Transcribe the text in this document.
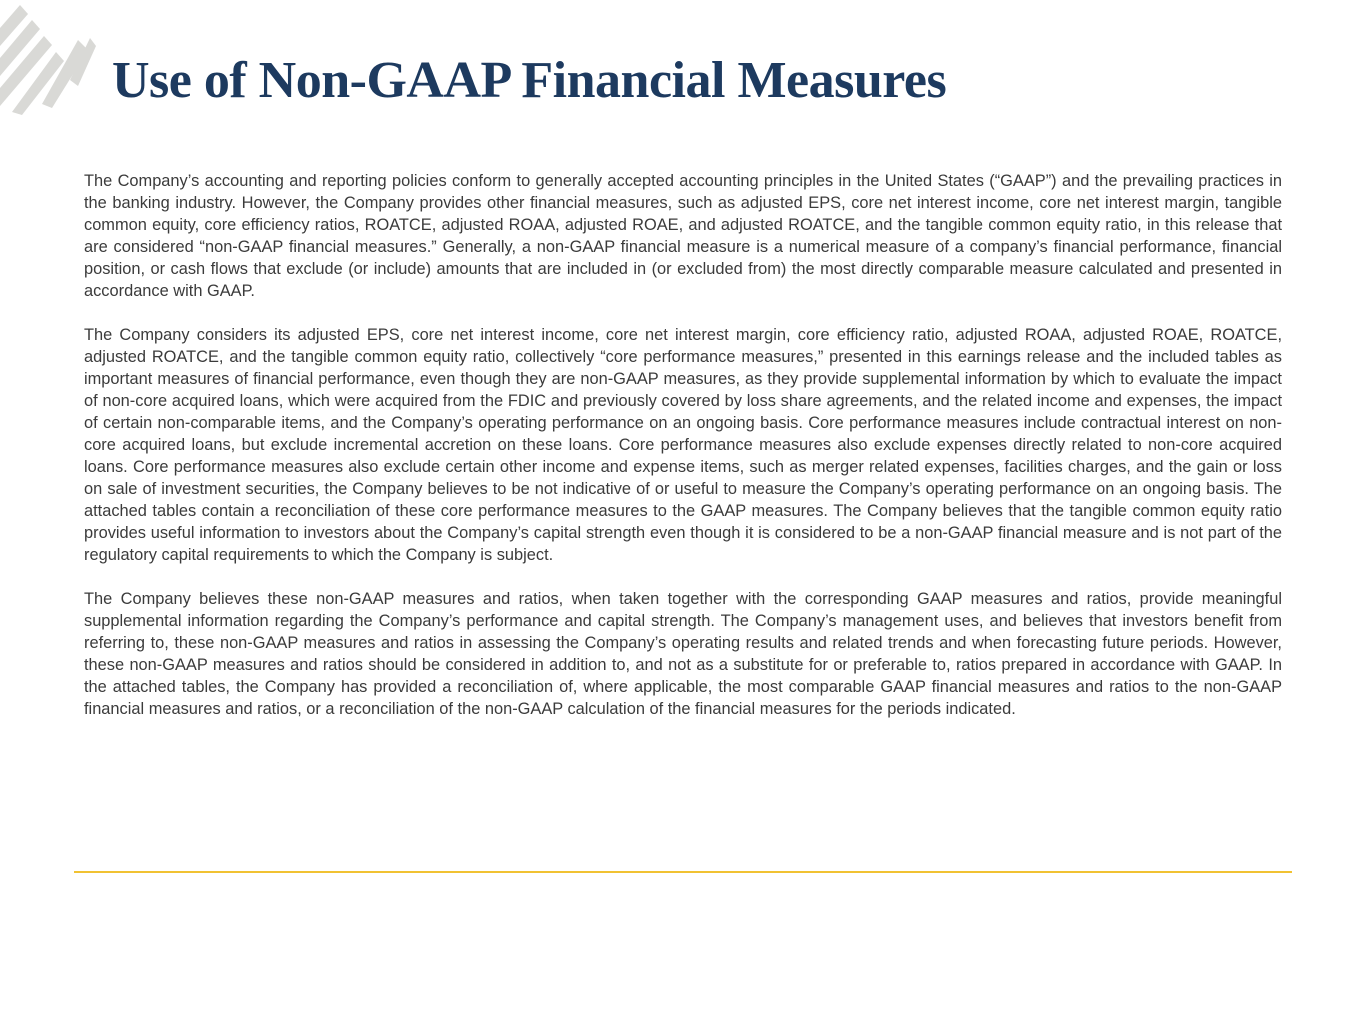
Use of Non-GAAP Financial Measures

The Company’s accounting and reporting policies conform to generally accepted accounting principles in the United States (“GAAP”) and the prevailing practices in the banking industry. However, the Company provides other financial measures, such as adjusted EPS, core net interest income, core net interest margin, tangible common equity, core efficiency ratios, ROATCE, adjusted ROAA, adjusted ROAE, and adjusted ROATCE, and the tangible common equity ratio, in this release that are considered “non-GAAP financial measures.” Generally, a non-GAAP financial measure is a numerical measure of a company’s financial performance, financial position, or cash flows that exclude (or include) amounts that are included in (or excluded from) the most directly comparable measure calculated and presented in accordance with GAAP.

The Company considers its adjusted EPS, core net interest income, core net interest margin, core efficiency ratio, adjusted ROAA, adjusted ROAE, ROATCE, adjusted ROATCE, and the tangible common equity ratio, collectively “core performance measures,” presented in this earnings release and the included tables as important measures of financial performance, even though they are non-GAAP measures, as they provide supplemental information by which to evaluate the impact of non-core acquired loans, which were acquired from the FDIC and previously covered by loss share agreements, and the related income and expenses, the impact of certain non-comparable items, and the Company’s operating performance on an ongoing basis. Core performance measures include contractual interest on non-core acquired loans, but exclude incremental accretion on these loans. Core performance measures also exclude expenses directly related to non-core acquired loans. Core performance measures also exclude certain other income and expense items, such as merger related expenses, facilities charges, and the gain or loss on sale of investment securities, the Company believes to be not indicative of or useful to measure the Company’s operating performance on an ongoing basis. The attached tables contain a reconciliation of these core performance measures to the GAAP measures. The Company believes that the tangible common equity ratio provides useful information to investors about the Company’s capital strength even though it is considered to be a non-GAAP financial measure and is not part of the regulatory capital requirements to which the Company is subject.

The Company believes these non-GAAP measures and ratios, when taken together with the corresponding GAAP measures and ratios, provide meaningful supplemental information regarding the Company’s performance and capital strength. The Company’s management uses, and believes that investors benefit from referring to, these non-GAAP measures and ratios in assessing the Company’s operating results and related trends and when forecasting future periods. However, these non-GAAP measures and ratios should be considered in addition to, and not as a substitute for or preferable to, ratios prepared in accordance with GAAP. In the attached tables, the Company has provided a reconciliation of, where applicable, the most comparable GAAP financial measures and ratios to the non-GAAP financial measures and ratios, or a reconciliation of the non-GAAP calculation of the financial measures for the periods indicated.
